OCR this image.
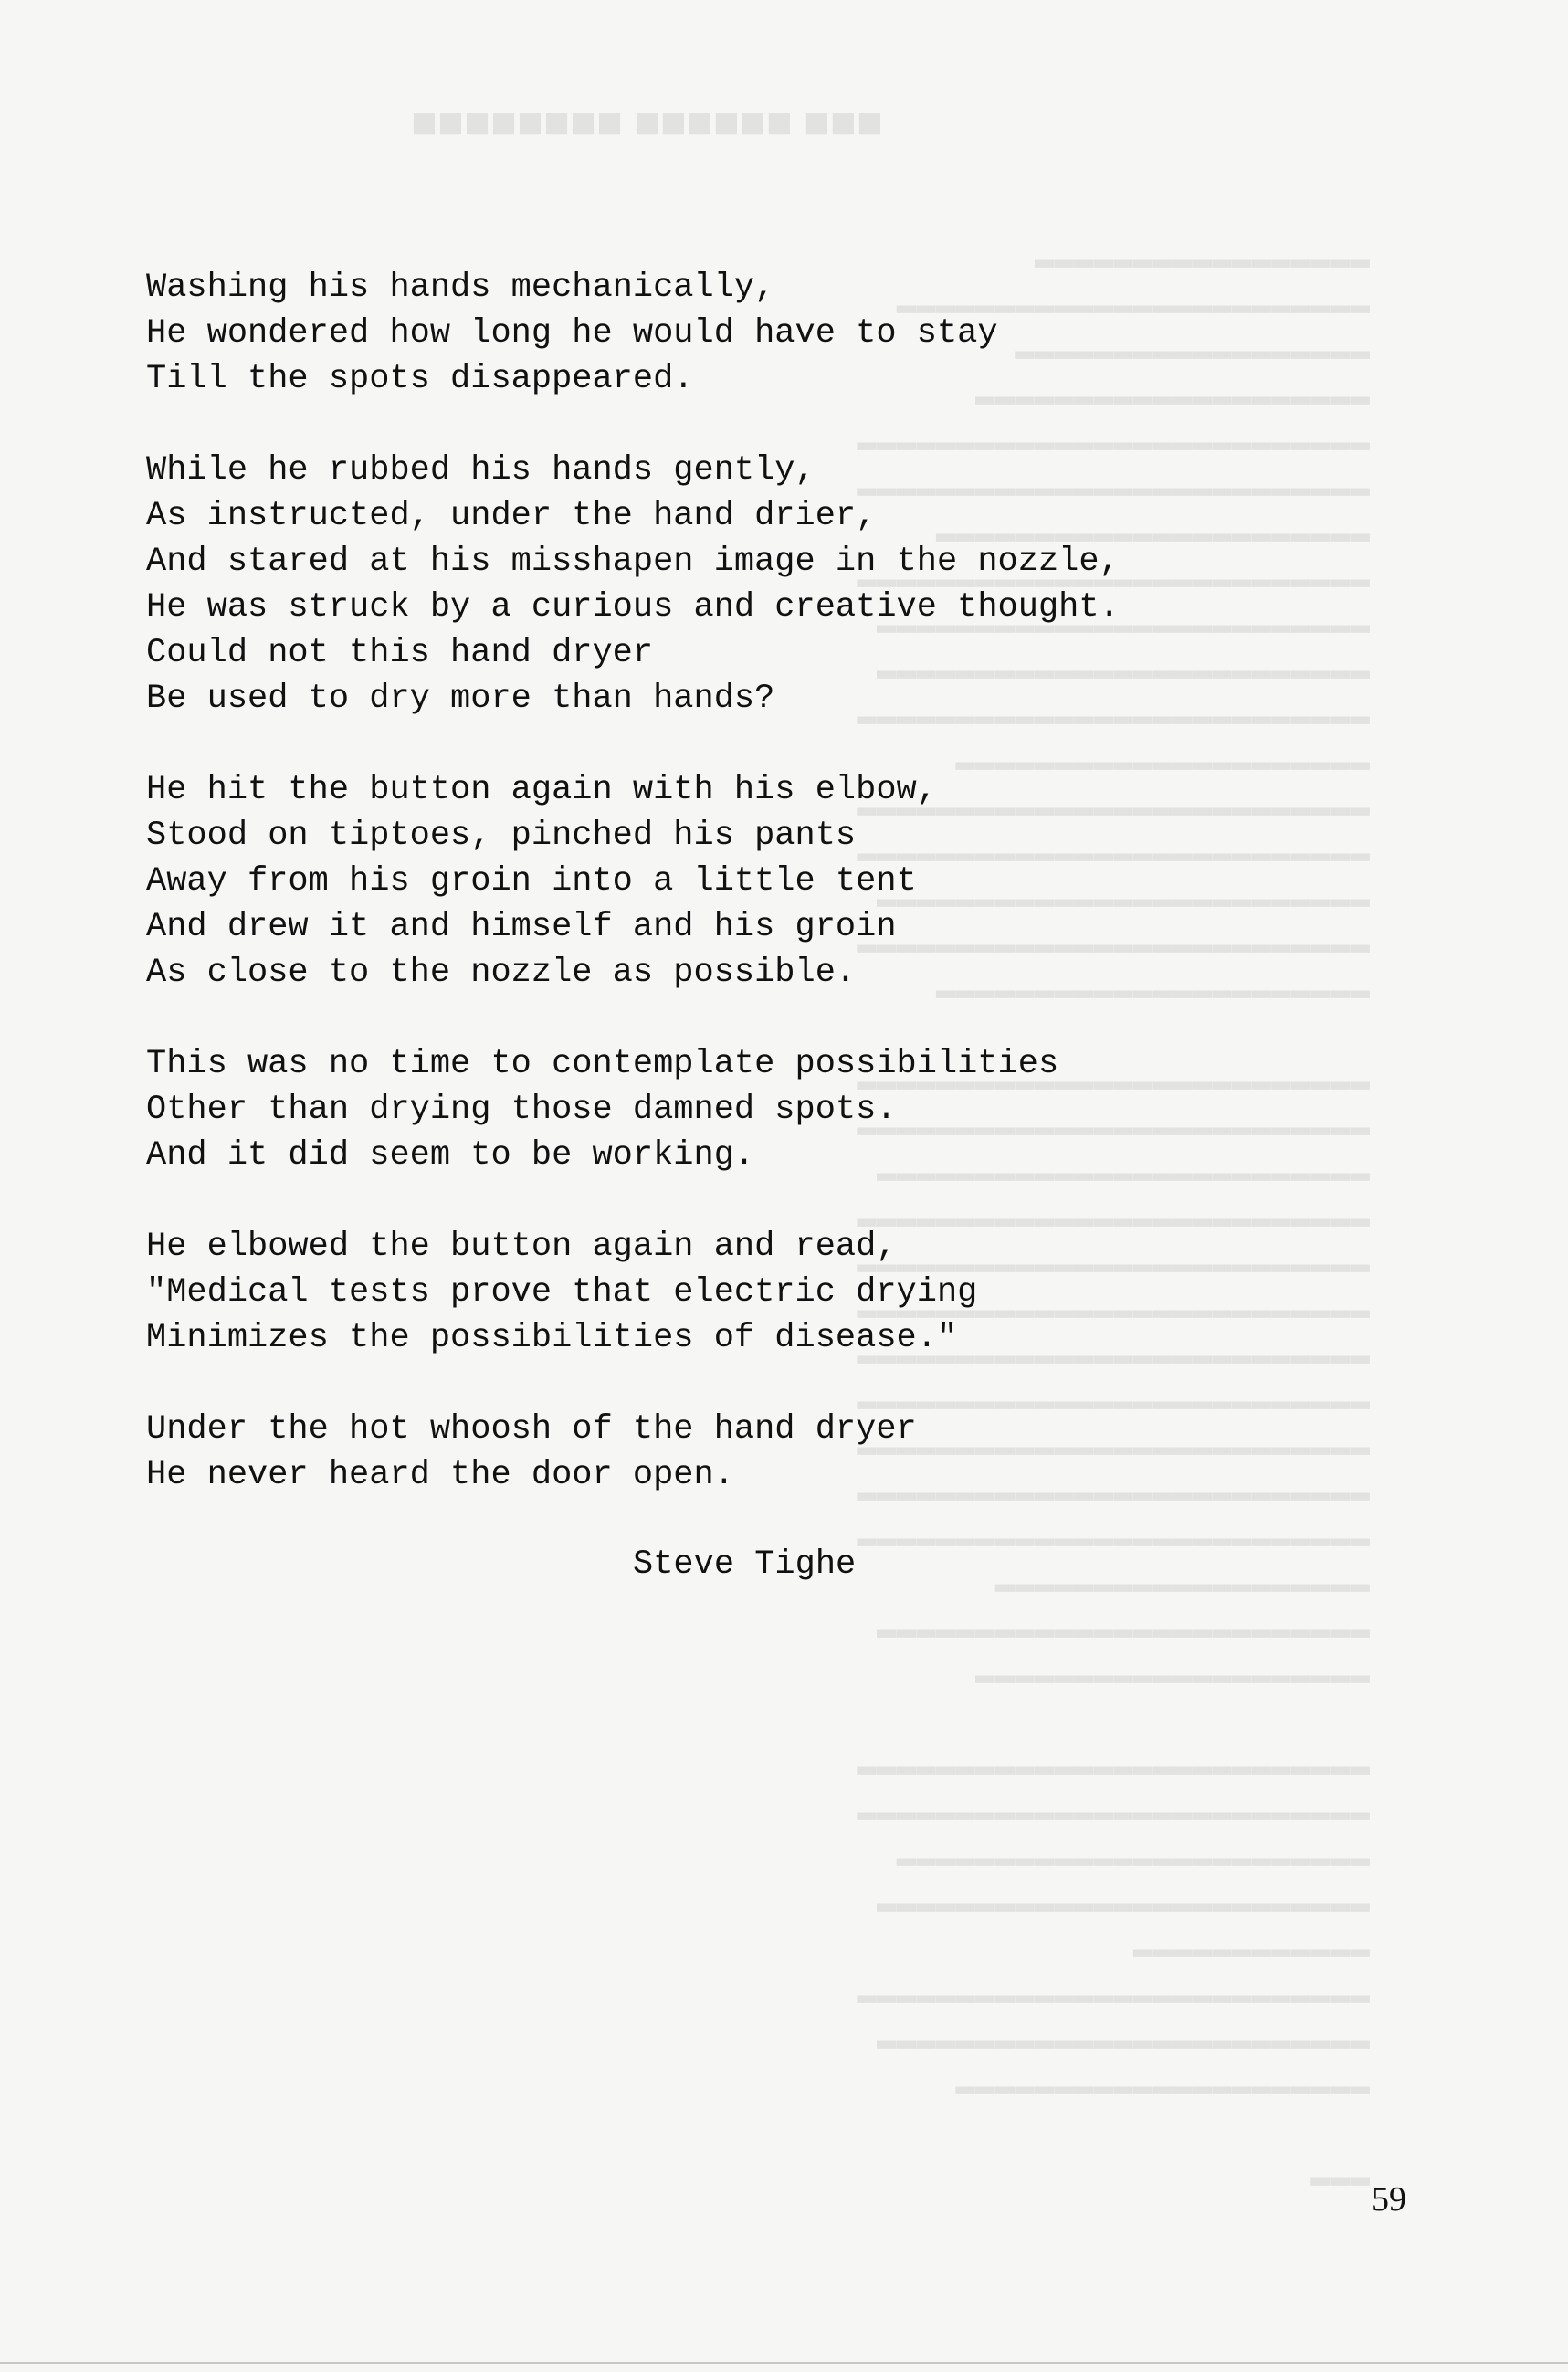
■■■ ■■■■■■ ■■■■■■■■
▬▬▬▬▬▬▬▬▬▬▬▬▬▬▬▬▬
▬▬▬▬▬▬▬▬▬▬▬▬▬▬▬▬▬▬▬▬▬▬▬▬
▬▬▬▬▬▬▬▬▬▬▬▬▬▬▬▬▬▬
▬▬▬▬▬▬▬▬▬▬▬▬▬▬▬▬▬▬▬▬
▬▬▬▬▬▬▬▬▬▬▬▬▬▬▬▬▬▬▬▬▬▬▬▬▬▬
▬▬▬▬▬▬▬▬▬▬▬▬▬▬▬▬▬▬▬▬▬▬▬▬▬▬
▬▬▬▬▬▬▬▬▬▬▬▬▬▬▬▬▬▬▬▬▬▬
▬▬▬▬▬▬▬▬▬▬▬▬▬▬▬▬▬▬▬▬▬▬▬▬▬▬
▬▬▬▬▬▬▬▬▬▬▬▬▬▬▬▬▬▬▬▬▬▬▬▬▬
▬▬▬▬▬▬▬▬▬▬▬▬▬▬▬▬▬▬▬▬▬▬▬▬▬
▬▬▬▬▬▬▬▬▬▬▬▬▬▬▬▬▬▬▬▬▬▬▬▬▬▬
▬▬▬▬▬▬▬▬▬▬▬▬▬▬▬▬▬▬▬▬▬
▬▬▬▬▬▬▬▬▬▬▬▬▬▬▬▬▬▬▬▬▬▬▬▬▬▬
▬▬▬▬▬▬▬▬▬▬▬▬▬▬▬▬▬▬▬▬▬▬▬▬▬▬
▬▬▬▬▬▬▬▬▬▬▬▬▬▬▬▬▬▬▬▬▬▬▬▬▬
▬▬▬▬▬▬▬▬▬▬▬▬▬▬▬▬▬▬▬▬▬▬▬▬▬▬
▬▬▬▬▬▬▬▬▬▬▬▬▬▬▬▬▬▬▬▬▬▬

▬▬▬▬▬▬▬▬▬▬▬▬▬▬▬▬▬▬▬▬▬▬▬▬▬▬
▬▬▬▬▬▬▬▬▬▬▬▬▬▬▬▬▬▬▬▬▬▬▬▬▬▬
▬▬▬▬▬▬▬▬▬▬▬▬▬▬▬▬▬▬▬▬▬▬▬▬▬
▬▬▬▬▬▬▬▬▬▬▬▬▬▬▬▬▬▬▬▬▬▬▬▬▬▬
▬▬▬▬▬▬▬▬▬▬▬▬▬▬▬▬▬▬▬▬▬▬▬▬▬▬
▬▬▬▬▬▬▬▬▬▬▬▬▬▬▬▬▬▬▬▬▬▬▬▬▬▬
▬▬▬▬▬▬▬▬▬▬▬▬▬▬▬▬▬▬▬▬▬▬▬▬▬▬
▬▬▬▬▬▬▬▬▬▬▬▬▬▬▬▬▬▬▬▬▬▬▬▬▬▬
▬▬▬▬▬▬▬▬▬▬▬▬▬▬▬▬▬▬▬▬▬▬▬▬▬▬
▬▬▬▬▬▬▬▬▬▬▬▬▬▬▬▬▬▬▬▬▬▬▬▬▬▬
▬▬▬▬▬▬▬▬▬▬▬▬▬▬▬▬▬▬▬▬▬▬▬▬▬▬
▬▬▬▬▬▬▬▬▬▬▬▬▬▬▬▬▬▬▬
▬▬▬▬▬▬▬▬▬▬▬▬▬▬▬▬▬▬▬▬▬▬▬▬▬
▬▬▬▬▬▬▬▬▬▬▬▬▬▬▬▬▬▬▬▬

▬▬▬▬▬▬▬▬▬▬▬▬▬▬▬▬▬▬▬▬▬▬▬▬▬▬
▬▬▬▬▬▬▬▬▬▬▬▬▬▬▬▬▬▬▬▬▬▬▬▬▬▬
▬▬▬▬▬▬▬▬▬▬▬▬▬▬▬▬▬▬▬▬▬▬▬▬
▬▬▬▬▬▬▬▬▬▬▬▬▬▬▬▬▬▬▬▬▬▬▬▬▬
▬▬▬▬▬▬▬▬▬▬▬▬
▬▬▬▬▬▬▬▬▬▬▬▬▬▬▬▬▬▬▬▬▬▬▬▬▬▬
▬▬▬▬▬▬▬▬▬▬▬▬▬▬▬▬▬▬▬▬▬▬▬▬▬
▬▬▬▬▬▬▬▬▬▬▬▬▬▬▬▬▬▬▬▬▬

▬▬▬
Washing his hands mechanically,
He wondered how long he would have to stay
Till the spots disappeared.
While he rubbed his hands gently,
As instructed, under the hand drier,
And stared at his misshapen image in the nozzle,
He was struck by a curious and creative thought.
Could not this hand dryer
Be used to dry more than hands?
He hit the button again with his elbow,
Stood on tiptoes, pinched his pants
Away from his groin into a little tent
And drew it and himself and his groin
As close to the nozzle as possible.
This was no time to contemplate possibilities
Other than drying those damned spots.
And it did seem to be working.
He elbowed the button again and read,
"Medical tests prove that electric drying
Minimizes the possibilities of disease."
Under the hot whoosh of the hand dryer
He never heard the door open.
Steve Tighe
59
